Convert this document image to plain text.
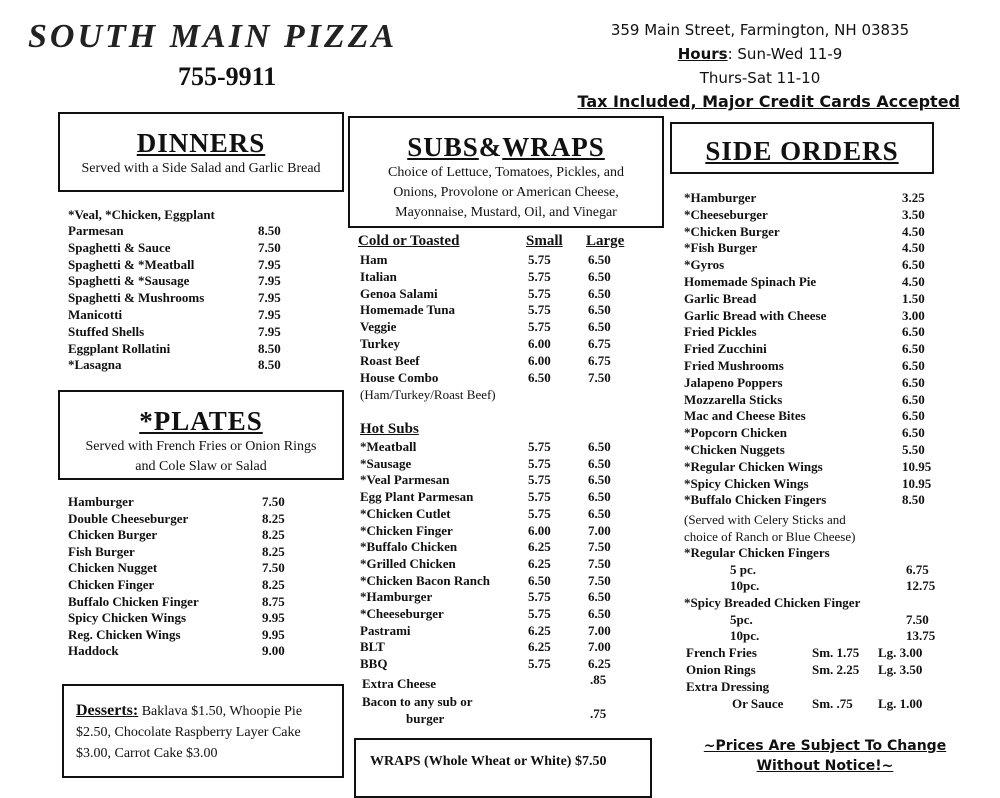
SOUTH MAIN PIZZA
755-9911
359 Main Street, Farmington, NH 03835
Hours: Sun-Wed 11-9
Thurs-Sat 11-10
Tax Included, Major Credit Cards Accepted
DINNERS
Served with a Side Salad and Garlic Bread
*Veal, *Chicken, Eggplant
Parmesan	8.50
Spaghetti & Sauce	7.50
Spaghetti & *Meatball	7.95
Spaghetti & *Sausage	7.95
Spaghetti & Mushrooms	7.95
Manicotti	7.95
Stuffed Shells	7.95
Eggplant Rollatini	8.50
*Lasagna	8.50
*PLATES
Served with French Fries or Onion Rings
and Cole Slaw or Salad
Hamburger	7.50
Double Cheeseburger	8.25
Chicken Burger	8.25
Fish Burger	8.25
Chicken Nugget	7.50
Chicken Finger	8.25
Buffalo Chicken Finger	8.75
Spicy Chicken Wings	9.95
Reg. Chicken Wings	9.95
Haddock	9.00
Desserts: Baklava $1.50, Whoopie Pie $2.50, Chocolate Raspberry Layer Cake $3.00, Carrot Cake $3.00
SUBS&WRAPS
Choice of Lettuce, Tomatoes, Pickles, and
Onions, Provolone or American Cheese,
Mayonnaise, Mustard, Oil, and Vinegar
Cold or Toasted	Small Large
Ham	5.75	6.50
Italian	5.75	6.50
Genoa Salami	5.75	6.50
Homemade Tuna	5.75	6.50
Veggie	5.75	6.50
Turkey	6.00	6.75
Roast Beef	6.00	6.75
House Combo	6.50	7.50
(Ham/Turkey/Roast Beef)
Hot Subs
*Meatball	5.75	6.50
*Sausage	5.75	6.50
*Veal Parmesan	5.75	6.50
Egg Plant Parmesan	5.75	6.50
*Chicken Cutlet	5.75	6.50
*Chicken Finger	6.00	7.00
*Buffalo Chicken	6.25	7.50
*Grilled Chicken	6.25	7.50
*Chicken Bacon Ranch	6.50	7.50
*Hamburger	5.75	6.50
*Cheeseburger	5.75	6.50
Pastrami	6.25	7.00
BLT	6.25	7.00
BBQ	5.75	6.25
Extra Cheese	.85
Bacon to any sub or
burger	.75
WRAPS (Whole Wheat or White) $7.50
SIDE ORDERS
*Hamburger	3.25
*Cheeseburger	3.50
*Chicken Burger	4.50
*Fish Burger	4.50
*Gyros	6.50
Homemade Spinach Pie	4.50
Garlic Bread	1.50
Garlic Bread with Cheese	3.00
Fried Pickles	6.50
Fried Zucchini	6.50
Fried Mushrooms	6.50
Jalapeno Poppers	6.50
Mozzarella Sticks	6.50
Mac and Cheese Bites	6.50
*Popcorn Chicken	6.50
*Chicken Nuggets	5.50
*Regular Chicken Wings	10.95
*Spicy Chicken Wings	10.95
*Buffalo Chicken Fingers	8.50
(Served with Celery Sticks and
choice of Ranch or Blue Cheese)
*Regular Chicken Fingers
5 pc.	6.75
10pc.	12.75
*Spicy Breaded Chicken Finger
5pc.	7.50
10pc.	13.75
French Fries	Sm. 1.75 Lg. 3.00
Onion Rings	Sm. 2.25 Lg. 3.50
Extra Dressing
Or Sauce Sm. .75 Lg. 1.00
~Prices Are Subject To Change
Without Notice!~
